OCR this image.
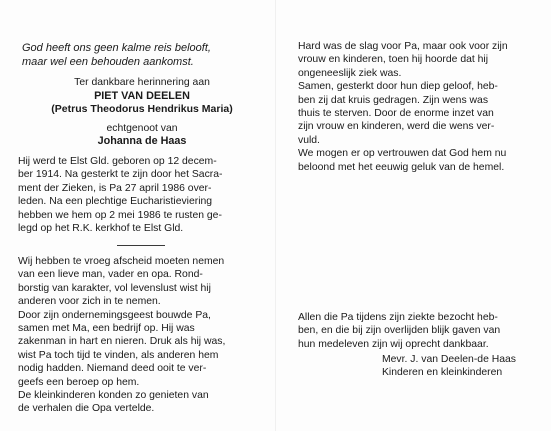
God heeft ons geen kalme reis belooft,
maar wel een behouden aankomst.
Ter dankbare herinnering aan
PIET VAN DEELEN
(Petrus Theodorus Hendrikus Maria)
echtgenoot van
Johanna de Haas
Hij werd te Elst Gld. geboren op 12 decem-
ber 1914. Na gesterkt te zijn door het Sacra-
ment der Zieken, is Pa 27 april 1986 over-
leden. Na een plechtige Eucharistieviering
hebben we hem op 2 mei 1986 te rusten ge-
legd op het R.K. kerkhof te Elst Gld.
Wij hebben te vroeg afscheid moeten nemen
van een lieve man, vader en opa. Rond-
borstig van karakter, vol levenslust wist hij
anderen voor zich in te nemen.
Door zijn ondernemingsgeest bouwde Pa,
samen met Ma, een bedrijf op. Hij was
zakenman in hart en nieren. Druk als hij was,
wist Pa toch tijd te vinden, als anderen hem
nodig hadden. Niemand deed ooit te ver-
geefs een beroep op hem.
De kleinkinderen konden zo genieten van
de verhalen die Opa vertelde.
Hard was de slag voor Pa, maar ook voor zijn
vrouw en kinderen, toen hij hoorde dat hij
ongeneeslijk ziek was.
Samen, gesterkt door hun diep geloof, heb-
ben zij dat kruis gedragen. Zijn wens was
thuis te sterven. Door de enorme inzet van
zijn vrouw en kinderen, werd die wens ver-
vuld.
We mogen er op vertrouwen dat God hem nu
beloond met het eeuwig geluk van de hemel.
Allen die Pa tijdens zijn ziekte bezocht heb-
ben, en die bij zijn overlijden blijk gaven van
hun medeleven zijn wij oprecht dankbaar.
Mevr. J. van Deelen-de Haas
Kinderen en kleinkinderen
